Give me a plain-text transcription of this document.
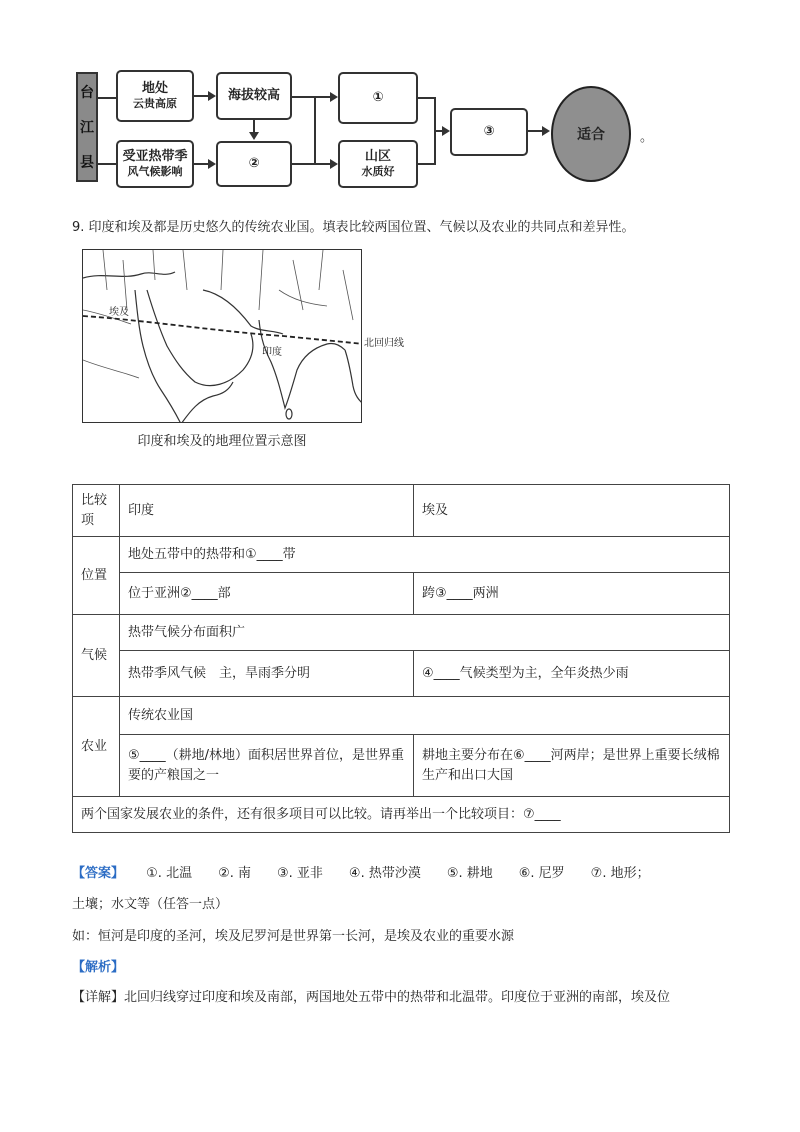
台
江
县
地处
云贵高原
海拔较高
受亚热带季
风气候影响
②
①
山区
水质好
③	适合	。
9. 印度和埃及都是历史悠久的传统农业国。填表比较两国位置、气候以及农业的共同点和差异性。
埃及
印度
北回归线
印度和埃及的地理位置示意图
比较项	印度	埃及
位置	地处五带中的热带和①____带	
	位于亚洲②____部	跨③____两洲
气候	热带气候分布面积广	
	热带季风气候　主，旱雨季分明	④____气候类型为主，全年炎热少雨
农业	传统农业国	
	⑤____（耕地/林地）面积居世界首位，是世界重要的产粮国之一	耕地主要分布在⑥____河两岸；是世界上重要长绒棉生产和出口大国
两个国家发展农业的条件，还有很多项目可以比较。请再举出一个比较项目：⑦____		
【答案】 ①. 北温　　②. 南　　③. 亚非　　④. 热带沙漠　　⑤. 耕地　　⑥. 尼罗　　⑦. 地形；
土壤；水文等（任答一点）
如：恒河是印度的圣河，埃及尼罗河是世界第一长河，是埃及农业的重要水源
【解析】
【详解】北回归线穿过印度和埃及南部，两国地处五带中的热带和北温带。印度位于亚洲的南部，埃及位
